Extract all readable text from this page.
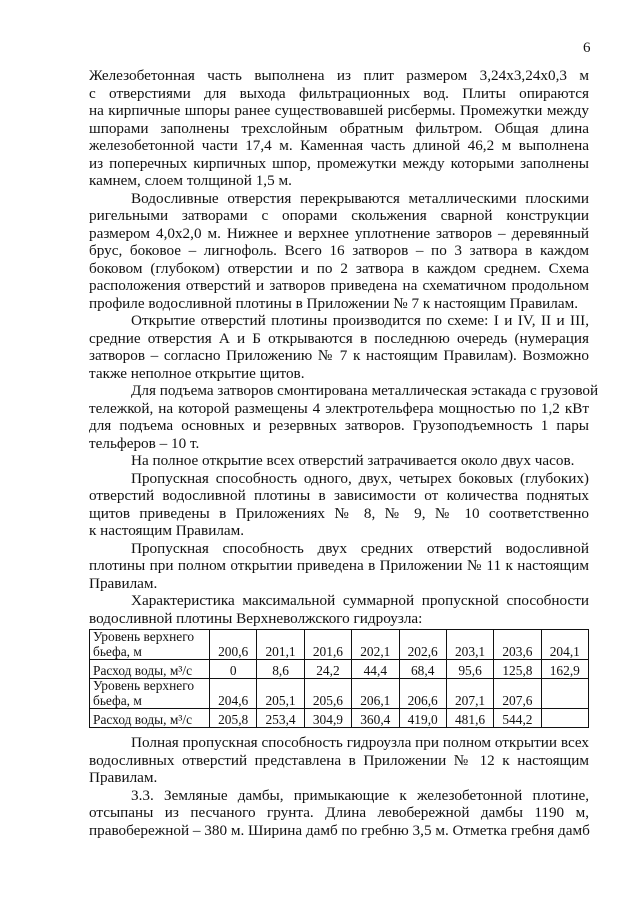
6
Железобетонная часть выполнена из плит размером 3,24х3,24х0,3 м
с отверстиями для выхода фильтрационных вод. Плиты опираются
на кирпичные шпоры ранее существовавшей рисбермы. Промежутки между
шпорами заполнены трехслойным обратным фильтром. Общая длина
железобетонной части 17,4 м. Каменная часть длиной 46,2 м выполнена
из поперечных кирпичных шпор, промежутки между которыми заполнены
камнем, слоем толщиной 1,5 м.
Водосливные отверстия перекрываются металлическими плоскими
ригельными затворами с опорами скольжения сварной конструкции
размером 4,0х2,0 м. Нижнее и верхнее уплотнение затворов – деревянный
брус, боковое – лигнофоль. Всего 16 затворов – по 3 затвора в каждом
боковом (глубоком) отверстии и по 2 затвора в каждом среднем. Схема
расположения отверстий и затворов приведена на схематичном продольном
профиле водосливной плотины в Приложении № 7 к настоящим Правилам.
Открытие отверстий плотины производится по схеме: I и IV, II и III,
средние отверстия А и Б открываются в последнюю очередь (нумерация
затворов – согласно Приложению № 7 к настоящим Правилам). Возможно
также неполное открытие щитов.
Для подъема затворов смонтирована металлическая эстакада с грузовой
тележкой, на которой размещены 4 электротельфера мощностью по 1,2 кВт
для подъема основных и резервных затворов. Грузоподъемность 1 пары
тельферов – 10 т.
На полное открытие всех отверстий затрачивается около двух часов.
Пропускная способность одного, двух, четырех боковых (глубоких)
отверстий водосливной плотины в зависимости от количества поднятых
щитов приведены в Приложениях № 8, № 9, № 10 соответственно
к настоящим Правилам.
Пропускная способность двух средних отверстий водосливной
плотины при полном открытии приведена в Приложении № 11 к настоящим
Правилам.
Характеристика максимальной суммарной пропускной способности
водосливной плотины Верхневолжского гидроузла:
Уровень верхнего бьефа, м	200,6	201,1	201,6	202,1	202,6	203,1	203,6	204,1
Расход воды, м³/с	0	8,6	24,2	44,4	68,4	95,6	125,8	162,9
Уровень верхнего бьефа, м	204,6	205,1	205,6	206,1	206,6	207,1	207,6	
Расход воды, м³/с	205,8	253,4	304,9	360,4	419,0	481,6	544,2	
Полная пропускная способность гидроузла при полном открытии всех
водосливных отверстий представлена в Приложении № 12 к настоящим
Правилам.
3.3. Земляные дамбы, примыкающие к железобетонной плотине,
отсыпаны из песчаного грунта. Длина левобережной дамбы 1190 м,
правобережной – 380 м. Ширина дамб по гребню 3,5 м. Отметка гребня дамб
